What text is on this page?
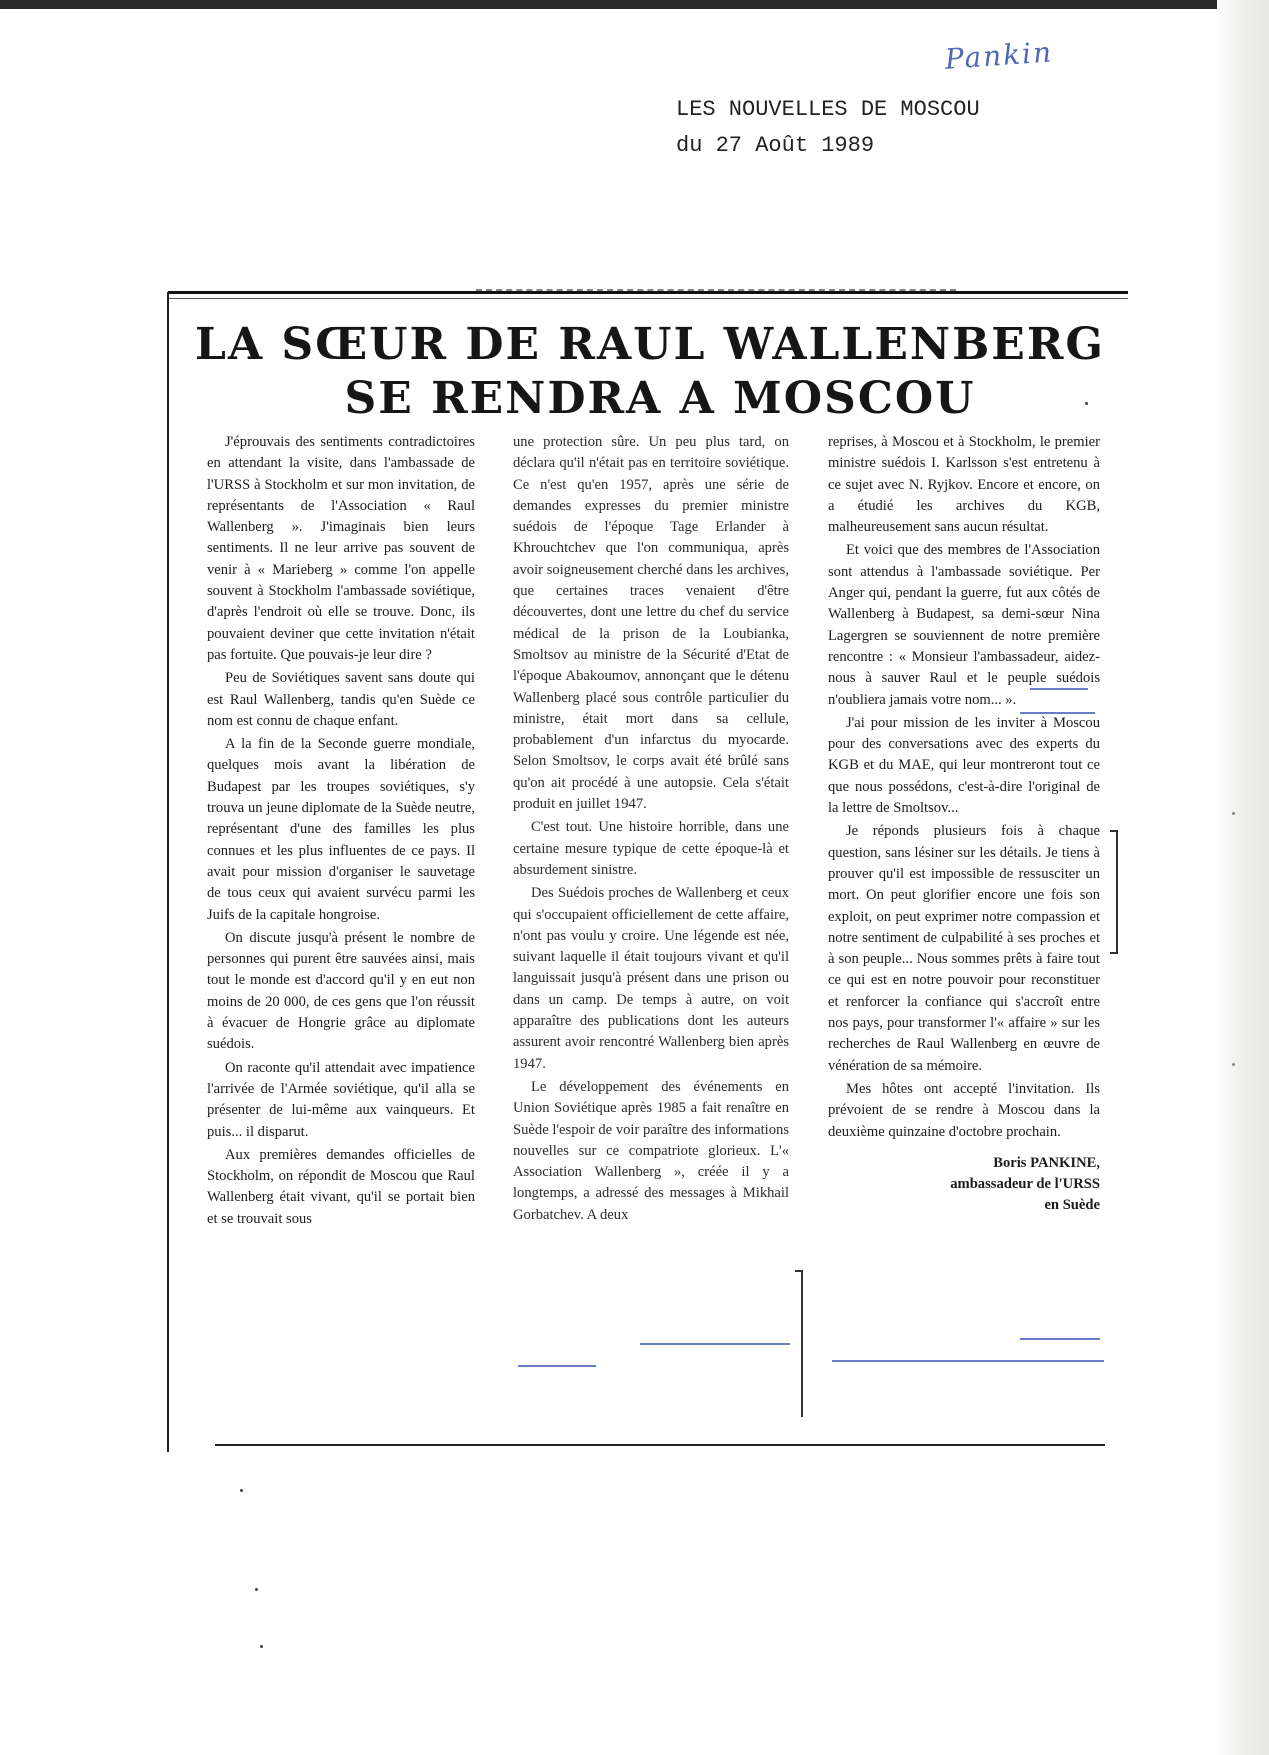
Pankin
LES NOUVELLES DE MOSCOU
du 27 Août 1989
LA SŒUR DE RAUL WALLENBERG
SE RENDRA A MOSCOU

J'éprouvais des sentiments contradictoires en attendant la visite, dans l'ambassade de l'URSS à Stockholm et sur mon invitation, de représentants de l'Association « Raul Wallenberg ». J'imaginais bien leurs sentiments. Il ne leur arrive pas souvent de venir à « Marieberg » comme l'on appelle souvent à Stockholm l'ambassade soviétique, d'après l'endroit où elle se trouve. Donc, ils pouvaient deviner que cette invitation n'était pas fortuite. Que pouvais-je leur dire ?

Peu de Soviétiques savent sans doute qui est Raul Wallenberg, tandis qu'en Suède ce nom est connu de chaque enfant.

A la fin de la Seconde guerre mondiale, quelques mois avant la libération de Budapest par les troupes soviétiques, s'y trouva un jeune diplomate de la Suède neutre, représentant d'une des familles les plus connues et les plus influentes de ce pays. Il avait pour mission d'organiser le sauvetage de tous ceux qui avaient survécu parmi les Juifs de la capitale hongroise.

On discute jusqu'à présent le nombre de personnes qui purent être sauvées ainsi, mais tout le monde est d'accord qu'il y en eut non moins de 20 000, de ces gens que l'on réussit à évacuer de Hongrie grâce au diplomate suédois.

On raconte qu'il attendait avec impatience l'arrivée de l'Armée soviétique, qu'il alla se présenter de lui-même aux vainqueurs. Et puis... il disparut.

Aux premières demandes officielles de Stockholm, on répondit de Moscou que Raul Wallenberg était vivant, qu'il se portait bien et se trouvait sous

une protection sûre. Un peu plus tard, on déclara qu'il n'était pas en territoire soviétique. Ce n'est qu'en 1957, après une série de demandes expresses du premier ministre suédois de l'époque Tage Erlander à Khrouchtchev que l'on communiqua, après avoir soigneusement cherché dans les archives, que certaines traces venaient d'être découvertes, dont une lettre du chef du service médical de la prison de la Loubianka, Smoltsov au ministre de la Sécurité d'Etat de l'époque Abakoumov, annonçant que le détenu Wallenberg placé sous contrôle particulier du ministre, était mort dans sa cellule, probablement d'un infarctus du myocarde. Selon Smoltsov, le corps avait été brûlé sans qu'on ait procédé à une autopsie. Cela s'était produit en juillet 1947.

C'est tout. Une histoire horrible, dans une certaine mesure typique de cette époque-là et absurdement sinistre.

Des Suédois proches de Wallenberg et ceux qui s'occupaient officiellement de cette affaire, n'ont pas voulu y croire. Une légende est née, suivant laquelle il était toujours vivant et qu'il languissait jusqu'à présent dans une prison ou dans un camp. De temps à autre, on voit apparaître des publications dont les auteurs assurent avoir rencontré Wallenberg bien après 1947.

Le développement des événements en Union Soviétique après 1985 a fait renaître en Suède l'espoir de voir paraître des informations nouvelles sur ce compatriote glorieux. L'« Association Wallenberg », créée il y a longtemps, a adressé des messages à Mikhail Gorbatchev. A deux

reprises, à Moscou et à Stockholm, le premier ministre suédois I. Karlsson s'est entretenu à ce sujet avec N. Ryjkov. Encore et encore, on a étudié les archives du KGB, malheureusement sans aucun résultat.

Et voici que des membres de l'Association sont attendus à l'ambassade soviétique. Per Anger qui, pendant la guerre, fut aux côtés de Wallenberg à Budapest, sa demi-sœur Nina Lagergren se souviennent de notre première rencontre : « Monsieur l'ambassadeur, aidez-nous à sauver Raul et le peuple suédois n'oubliera jamais votre nom... ».

J'ai pour mission de les inviter à Moscou pour des conversations avec des experts du KGB et du MAE, qui leur montreront tout ce que nous possédons, c'est-à-dire l'original de la lettre de Smoltsov...

Je réponds plusieurs fois à chaque question, sans lésiner sur les détails. Je tiens à prouver qu'il est impossible de ressusciter un mort. On peut glorifier encore une fois son exploit, on peut exprimer notre compassion et notre sentiment de culpabilité à ses proches et à son peuple... Nous sommes prêts à faire tout ce qui est en notre pouvoir pour reconstituer et renforcer la confiance qui s'accroît entre nos pays, pour transformer l'« affaire » sur les recherches de Raul Wallenberg en œuvre de vénération de sa mémoire.

Mes hôtes ont accepté l'invitation. Ils prévoient de se rendre à Moscou dans la deuxième quinzaine d'octobre prochain.

Boris PANKINE,
ambassadeur de l'URSS
en Suède
